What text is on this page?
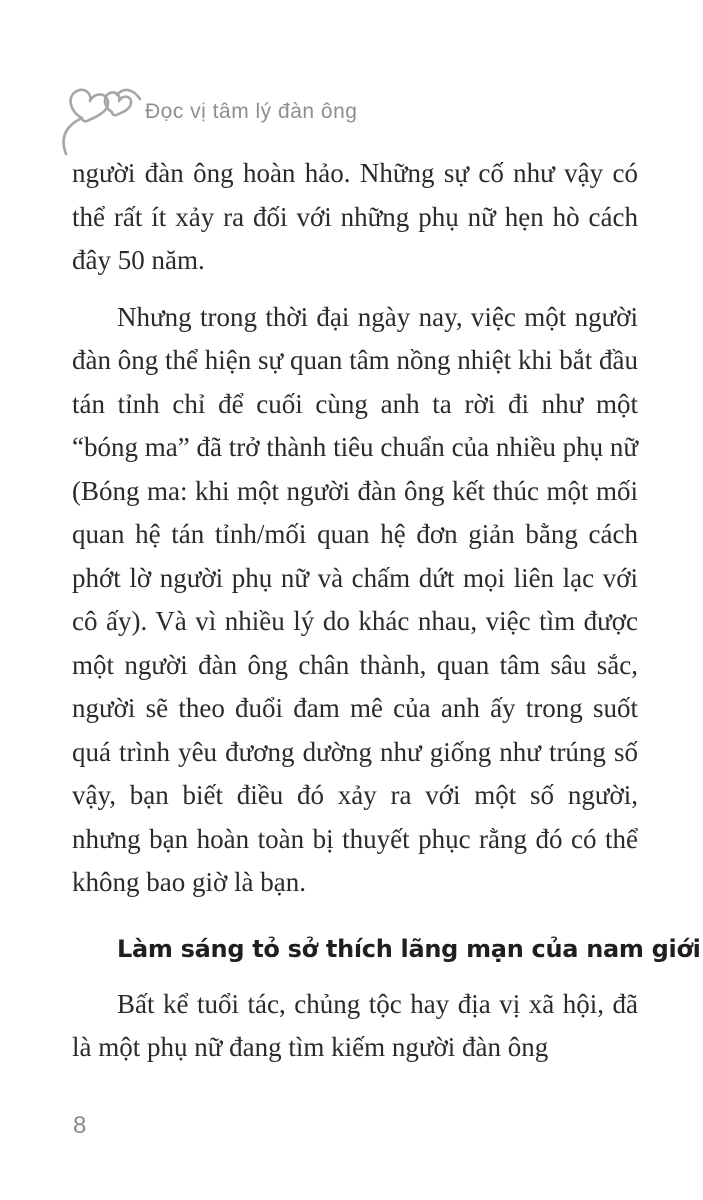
Đọc vị tâm lý đàn ông

người đàn ông hoàn hảo. Những sự cố như vậy có thể rất ít xảy ra đối với những phụ nữ hẹn hò cách đây 50 năm.

Nhưng trong thời đại ngày nay, việc một người đàn ông thể hiện sự quan tâm nồng nhiệt khi bắt đầu tán tỉnh chỉ để cuối cùng anh ta rời đi như một “bóng ma” đã trở thành tiêu chuẩn của nhiều phụ nữ (Bóng ma: khi một người đàn ông kết thúc một mối quan hệ tán tỉnh/mối quan hệ đơn giản bằng cách phớt lờ người phụ nữ và chấm dứt mọi liên lạc với cô ấy). Và vì nhiều lý do khác nhau, việc tìm được một người đàn ông chân thành, quan tâm sâu sắc, người sẽ theo đuổi đam mê của anh ấy trong suốt quá trình yêu đương dường như giống như trúng số vậy, bạn biết điều đó xảy ra với một số người, nhưng bạn hoàn toàn bị thuyết phục rằng đó có thể không bao giờ là bạn.

Làm sáng tỏ sở thích lãng mạn của nam giới

Bất kể tuổi tác, chủng tộc hay địa vị xã hội, đã là một phụ nữ đang tìm kiếm người đàn ông

8
